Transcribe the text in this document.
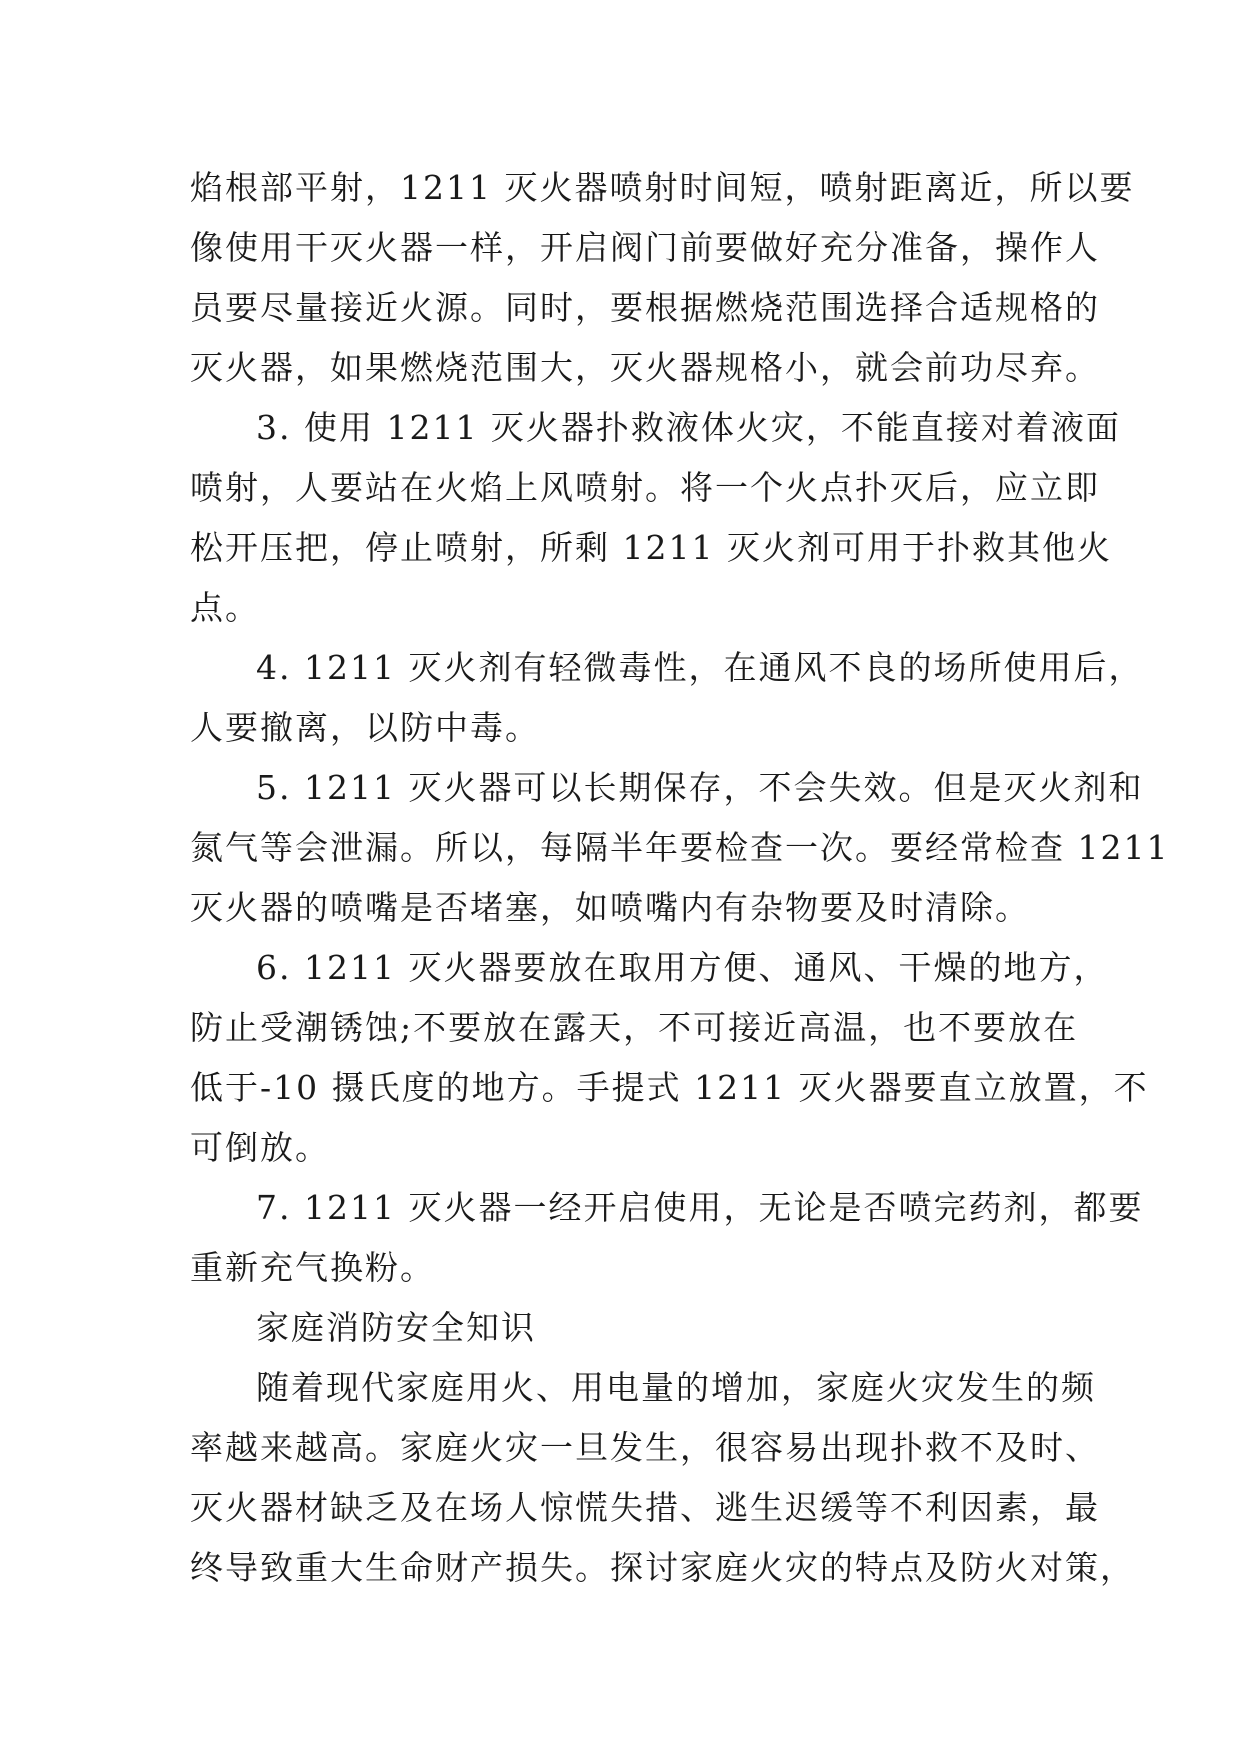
焰根部平射，1211 灭火器喷射时间短，喷射距离近，所以要
像使用干灭火器一样，开启阀门前要做好充分准备，操作人
员要尽量接近火源。同时，要根据燃烧范围选择合适规格的
灭火器，如果燃烧范围大，灭火器规格小，就会前功尽弃。
3. 使用 1211 灭火器扑救液体火灾，不能直接对着液面
喷射，人要站在火焰上风喷射。将一个火点扑灭后，应立即
松开压把，停止喷射，所剩 1211 灭火剂可用于扑救其他火
点。
4. 1211 灭火剂有轻微毒性，在通风不良的场所使用后，
人要撤离，以防中毒。
5. 1211 灭火器可以长期保存，不会失效。但是灭火剂和
氮气等会泄漏。所以，每隔半年要检查一次。要经常检查 1211
灭火器的喷嘴是否堵塞，如喷嘴内有杂物要及时清除。
6. 1211 灭火器要放在取用方便、通风、干燥的地方，
防止受潮锈蚀;不要放在露天，不可接近高温，也不要放在
低于-10 摄氏度的地方。手提式 1211 灭火器要直立放置，不
可倒放。
7. 1211 灭火器一经开启使用，无论是否喷完药剂，都要
重新充气换粉。
家庭消防安全知识
随着现代家庭用火、用电量的增加，家庭火灾发生的频
率越来越高。家庭火灾一旦发生，很容易出现扑救不及时、
灭火器材缺乏及在场人惊慌失措、逃生迟缓等不利因素，最
终导致重大生命财产损失。探讨家庭火灾的特点及防火对策，
